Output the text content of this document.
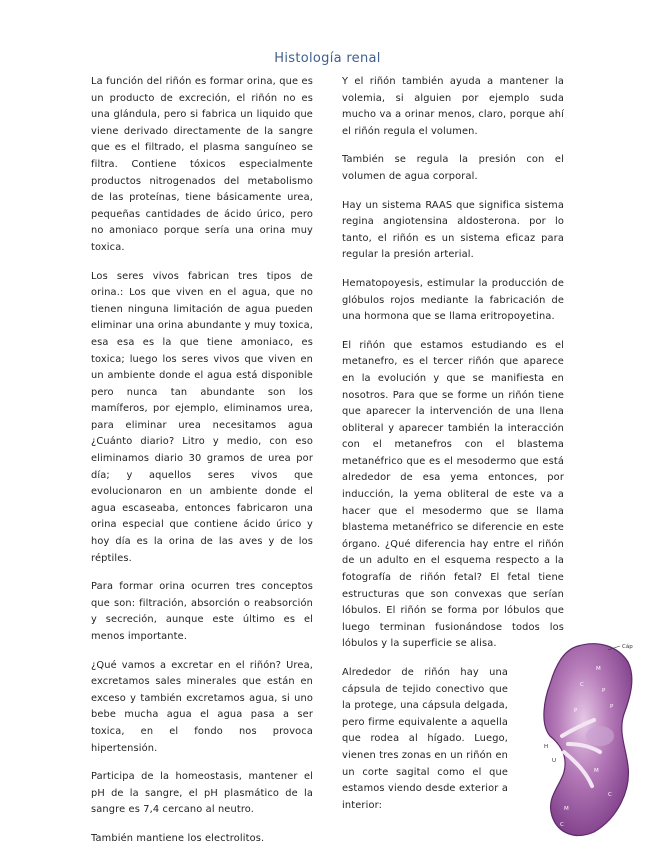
Histología renal

La función del riñón es formar orina, que es un producto de excreción, el riñón no es una glándula, pero si fabrica un liquido que viene derivado directamente de la sangre que es el filtrado, el plasma sanguíneo se filtra. Contiene tóxicos especialmente productos nitrogenados del metabolismo de las proteínas, tiene básicamente urea, pequeñas cantidades de ácido úrico, pero no amoniaco porque sería una orina muy toxica.

Los seres vivos fabrican tres tipos de orina.: Los que viven en el agua, que no tienen ninguna limitación de agua pueden eliminar una orina abundante y muy toxica, esa esa es la que tiene amoniaco, es toxica; luego los seres vivos que viven en un ambiente donde el agua está disponible pero nunca tan abundante son los mamíferos, por ejemplo, eliminamos urea, para eliminar urea necesitamos agua ¿Cuánto diario? Litro y medio, con eso eliminamos diario 30 gramos de urea por día; y aquellos seres vivos que evolucionaron en un ambiente donde el agua escaseaba, entonces fabricaron una orina especial que contiene ácido úrico y hoy día es la orina de las aves y de los réptiles.

Para formar orina ocurren tres conceptos que son: filtración, absorción o reabsorción y secreción, aunque este último es el menos importante.

¿Qué vamos a excretar en el riñón? Urea, excretamos sales minerales que están en exceso y también excretamos agua, si uno bebe mucha agua el agua pasa a ser toxica, en el fondo nos provoca hipertensión.

Participa de la homeostasis, mantener el pH de la sangre, el pH plasmático de la sangre es 7,4 cercano al neutro.

También mantiene los electrolitos.

Y el riñón también ayuda a mantener la volemia, si alguien por ejemplo suda mucho va a orinar menos, claro, porque ahí el riñón regula el volumen.

También se regula la presión con el volumen de agua corporal.

Hay un sistema RAAS que significa sistema regina angiotensina aldosterona. por lo tanto, el riñón es un sistema eficaz para regular la presión arterial.

Hematopoyesis, estimular la producción de glóbulos rojos mediante la fabricación de una hormona que se llama eritropoyetina.

El riñón que estamos estudiando es el metanefro, es el tercer riñón que aparece en la evolución y que se manifiesta en nosotros. Para que se forme un riñón tiene que aparecer la intervención de una llena obliteral y aparecer también la interacción con el metanefros con el blastema metanéfrico que es el mesodermo que está alrededor de esa yema entonces, por inducción, la yema obliteral de este va a hacer que el mesodermo que se llama blastema metanéfrico se diferencie en este órgano. ¿Qué diferencia hay entre el riñón de un adulto en el esquema respecto a la fotografía de riñón fetal? El fetal tiene estructuras que son convexas que serían lóbulos. El riñón se forma por lóbulos que luego terminan fusionándose todos los lóbulos y la superficie se alisa.

Alrededor de riñón hay una cápsula de tejido conectivo que la protege, una cápsula delgada, pero firme equivalente a aquella que rodea al hígado. Luego, vienen tres zonas en un riñón en un corte sagital como el que estamos viendo desde exterior a interior:

M
C
P
P
P
M
H
U
C
M
C
Cáp
